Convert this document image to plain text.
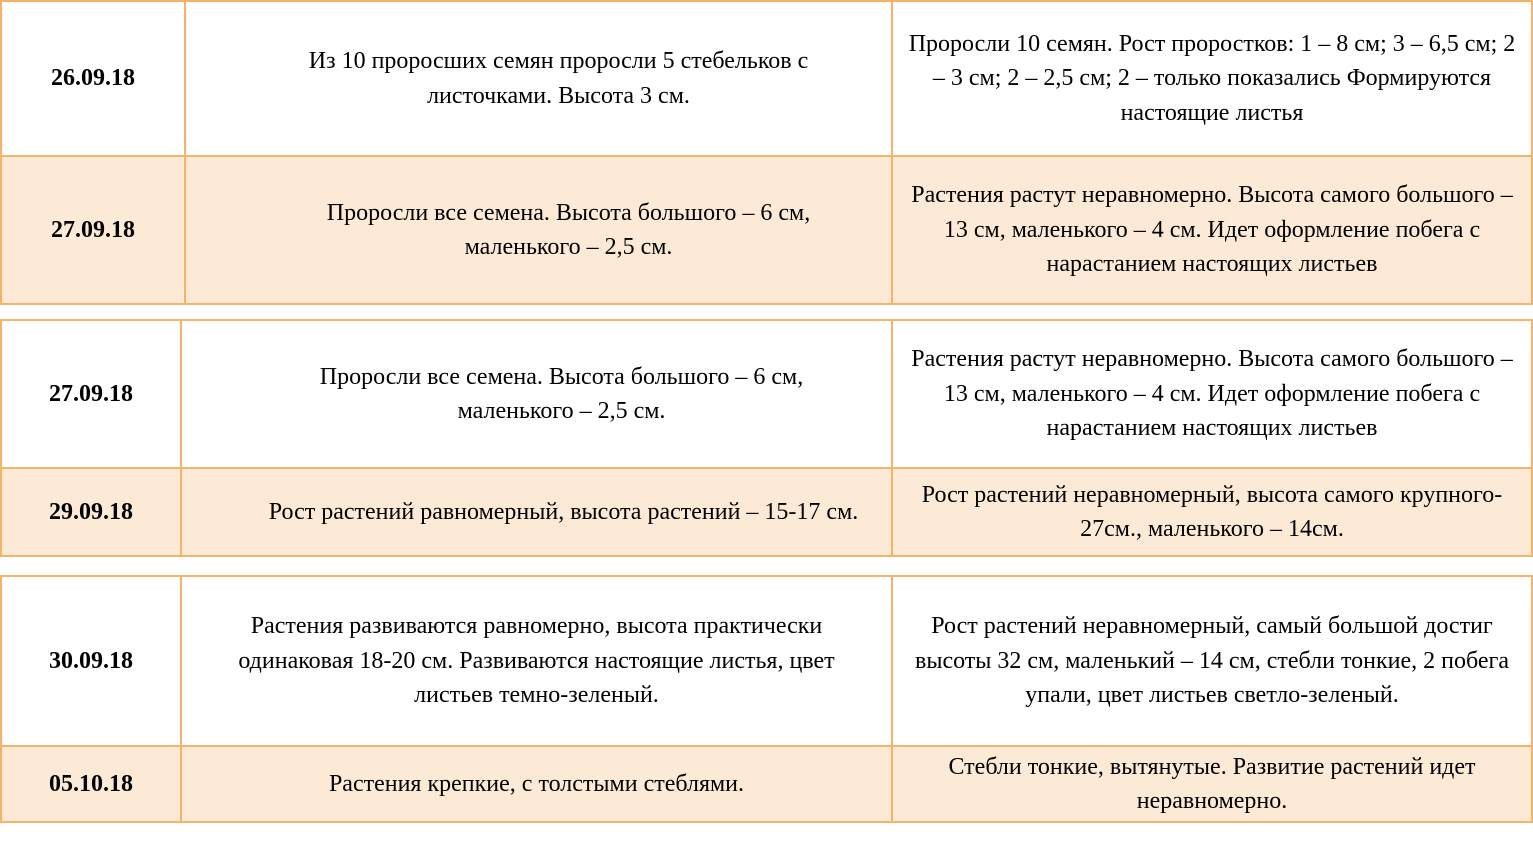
26.09.18
Из 10 проросших семян проросли 5 стебельков с листочками. Высота 3 см.
Проросли 10 семян. Рост проростков: 1 – 8 см; 3 – 6,5 см; 2 – 3 см; 2 – 2,5 см; 2 – только показались Формируются настоящие листья
27.09.18
Проросли все семена. Высота большого – 6 см, маленького – 2,5 см.
Растения растут неравномерно. Высота самого большого – 13 см, маленького – 4 см. Идет оформление побега с нарастанием настоящих листьев
27.09.18
Проросли все семена. Высота большого – 6 см, маленького – 2,5 см.
Растения растут неравномерно. Высота самого большого – 13 см, маленького – 4 см. Идет оформление побега с нарастанием настоящих листьев
29.09.18	Рост растений равномерный, высота растений – 15-17 см.
Рост растений неравномерный, высота самого крупного- 27см., маленького – 14см.
30.09.18
Растения развиваются равномерно, высота практически одинаковая 18-20 см. Развиваются настоящие листья, цвет листьев темно-зеленый.
Рост растений неравномерный, самый большой достиг высоты 32 см, маленький – 14 см, стебли тонкие, 2 побега упали, цвет листьев светло-зеленый.
05.10.18	Растения крепкие, с толстыми стеблями.
Стебли тонкие, вытянутые. Развитие растений идет неравномерно.
